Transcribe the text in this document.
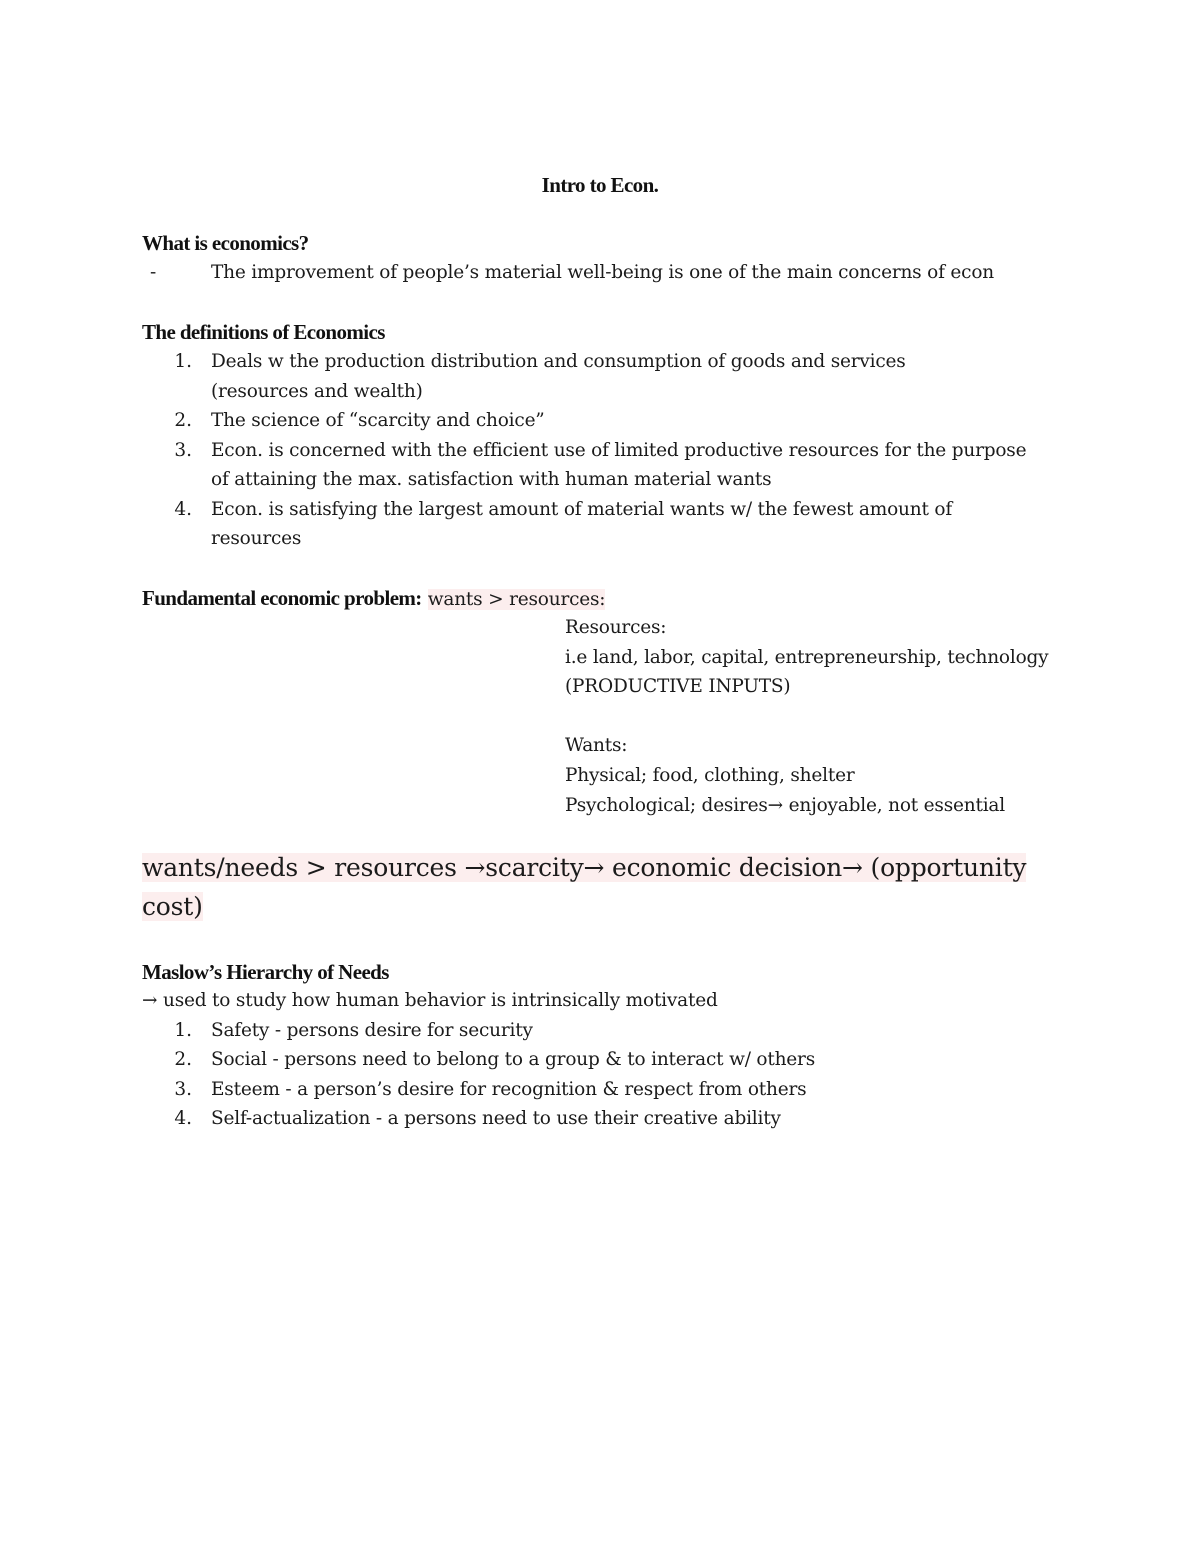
Intro to Econ.
What is economics?
-	The improvement of people’s material well-being is one of the main concerns of econ
The definitions of Economics
1. Deals w the production distribution and consumption of goods and services
(resources and wealth)
2. The science of “scarcity and choice”
3. Econ. is concerned with the efficient use of limited productive resources for the purpose
of attaining the max. satisfaction with human material wants
4. Econ. is satisfying the largest amount of material wants w/ the fewest amount of
resources
Fundamental economic problem: wants > resources:
Resources:
i.e land, labor, capital, entrepreneurship, technology
(PRODUCTIVE INPUTS)
Wants:
Physical; food, clothing, shelter
Psychological; desires→ enjoyable, not essential
wants/needs > resources →scarcity→ economic decision→ (opportunity cost)
Maslow’s Hierarchy of Needs
→ used to study how human behavior is intrinsically motivated
1. Safety - persons desire for security
2. Social - persons need to belong to a group & to interact w/ others
3. Esteem - a person’s desire for recognition & respect from others
4. Self-actualization - a persons need to use their creative ability
